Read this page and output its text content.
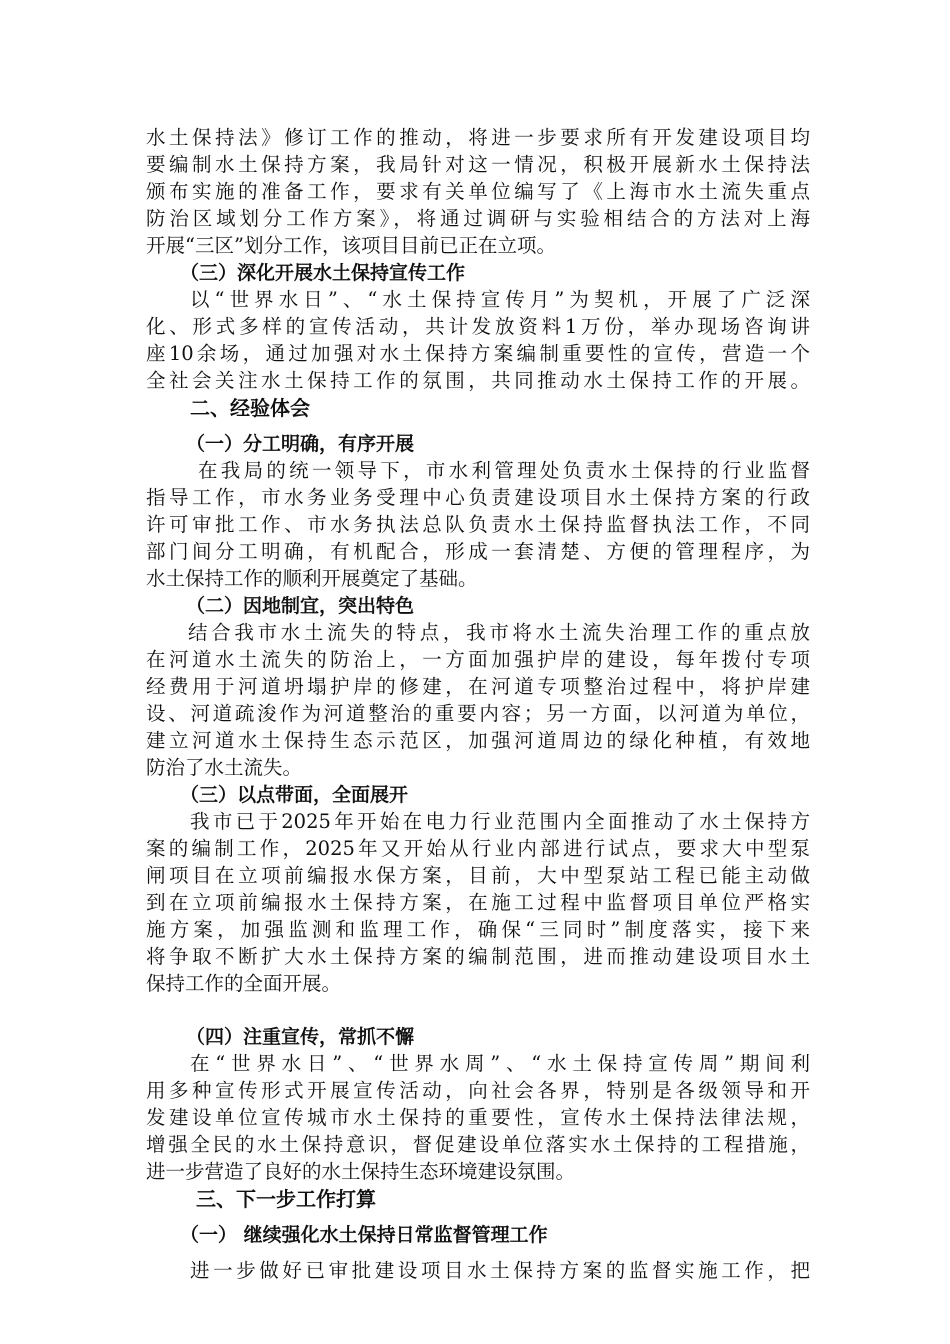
水土保持法》修订工作的推动，将进一步要求所有开发建设项目均
要编制水土保持方案，我局针对这一情况，积极开展新水土保持法
颁布实施的准备工作，要求有关单位编写了《上海市水土流失重点
防治区域划分工作方案》，将通过调研与实验相结合的方法对上海
开展“三区”划分工作，该项目目前已正在立项。
（三）深化开展水土保持宣传工作
以“世界水日”、“水土保持宣传月”为契机，开展了广泛深
化、形式多样的宣传活动，共计发放资料1万份，举办现场咨询讲
座10余场，通过加强对水土保持方案编制重要性的宣传，营造一个
全社会关注水土保持工作的氛围，共同推动水土保持工作的开展。
二、经验体会
（一）分工明确，有序开展
在我局的统一领导下，市水利管理处负责水土保持的行业监督
指导工作，市水务业务受理中心负责建设项目水土保持方案的行政
许可审批工作、市水务执法总队负责水土保持监督执法工作，不同
部门间分工明确，有机配合，形成一套清楚、方便的管理程序，为
水土保持工作的顺利开展奠定了基础。
（二）因地制宜，突出特色
结合我市水土流失的特点，我市将水土流失治理工作的重点放
在河道水土流失的防治上，一方面加强护岸的建设，每年拨付专项
经费用于河道坍塌护岸的修建，在河道专项整治过程中，将护岸建
设、河道疏浚作为河道整治的重要内容；另一方面，以河道为单位，
建立河道水土保持生态示范区，加强河道周边的绿化种植，有效地
防治了水土流失。
（三）以点带面，全面展开
我市已于2025年开始在电力行业范围内全面推动了水土保持方
案的编制工作，2025年又开始从行业内部进行试点，要求大中型泵
闸项目在立项前编报水保方案，目前，大中型泵站工程已能主动做
到在立项前编报水土保持方案，在施工过程中监督项目单位严格实
施方案，加强监测和监理工作，确保“三同时”制度落实，接下来
将争取不断扩大水土保持方案的编制范围，进而推动建设项目水土
保持工作的全面开展。
（四）注重宣传，常抓不懈
在“世界水日”、“世界水周”、“水土保持宣传周”期间利
用多种宣传形式开展宣传活动，向社会各界，特别是各级领导和开
发建设单位宣传城市水土保持的重要性，宣传水土保持法律法规，
增强全民的水土保持意识，督促建设单位落实水土保持的工程措施，
进一步营造了良好的水土保持生态环境建设氛围。
三、下一步工作打算
（一） 继续强化水土保持日常监督管理工作
进一步做好已审批建设项目水土保持方案的监督实施工作，把
